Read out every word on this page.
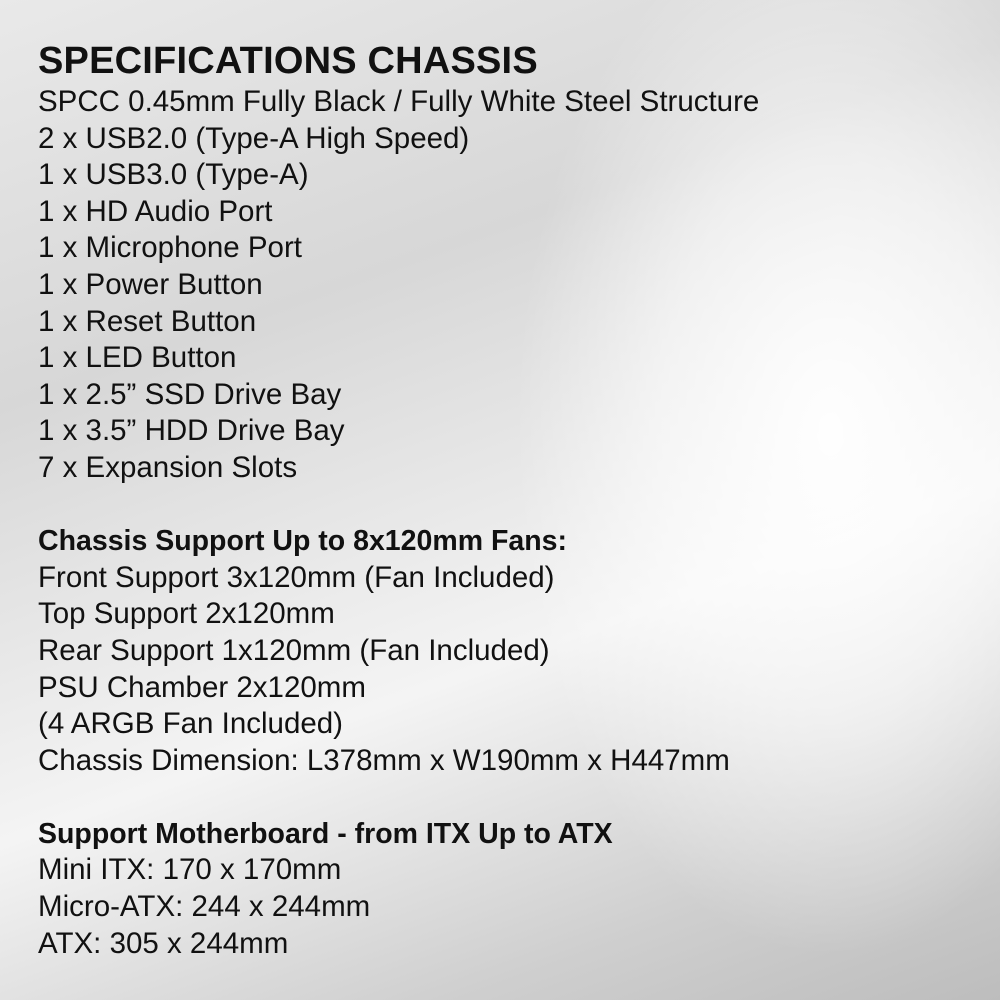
SPECIFICATIONS CHASSIS

SPCC 0.45mm Fully Black / Fully White Steel Structure

2 x USB2.0 (Type-A High Speed)

1 x USB3.0 (Type-A)

1 x HD Audio Port

1 x Microphone Port

1 x Power Button

1 x Reset Button

1 x LED Button

1 x 2.5” SSD Drive Bay

1 x 3.5” HDD Drive Bay

7 x Expansion Slots

Chassis Support Up to 8x120mm Fans:

Front Support 3x120mm (Fan Included)

Top Support 2x120mm

Rear Support 1x120mm (Fan Included)

PSU Chamber 2x120mm

(4 ARGB Fan Included)

Chassis Dimension: L378mm x W190mm x H447mm

Support Motherboard - from ITX Up to ATX

Mini ITX: 170 x 170mm

Micro-ATX: 244 x 244mm

ATX: 305 x 244mm
